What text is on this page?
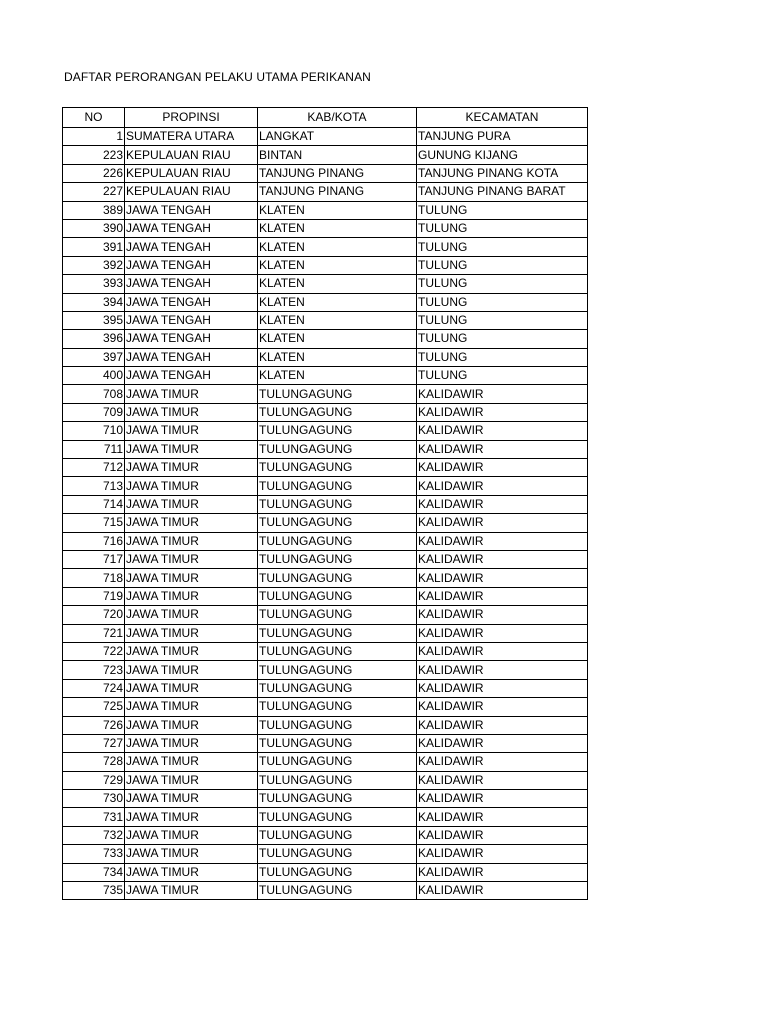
DAFTAR PERORANGAN PELAKU UTAMA PERIKANAN
NO	PROPINSI	KAB/KOTA	KECAMATAN
1	SUMATERA UTARA	LANGKAT	TANJUNG PURA
223	KEPULAUAN RIAU	BINTAN	GUNUNG KIJANG
226	KEPULAUAN RIAU	TANJUNG PINANG	TANJUNG PINANG KOTA
227	KEPULAUAN RIAU	TANJUNG PINANG	TANJUNG PINANG BARAT
389	JAWA TENGAH	KLATEN	TULUNG
390	JAWA TENGAH	KLATEN	TULUNG
391	JAWA TENGAH	KLATEN	TULUNG
392	JAWA TENGAH	KLATEN	TULUNG
393	JAWA TENGAH	KLATEN	TULUNG
394	JAWA TENGAH	KLATEN	TULUNG
395	JAWA TENGAH	KLATEN	TULUNG
396	JAWA TENGAH	KLATEN	TULUNG
397	JAWA TENGAH	KLATEN	TULUNG
400	JAWA TENGAH	KLATEN	TULUNG
708	JAWA TIMUR	TULUNGAGUNG	KALIDAWIR
709	JAWA TIMUR	TULUNGAGUNG	KALIDAWIR
710	JAWA TIMUR	TULUNGAGUNG	KALIDAWIR
711	JAWA TIMUR	TULUNGAGUNG	KALIDAWIR
712	JAWA TIMUR	TULUNGAGUNG	KALIDAWIR
713	JAWA TIMUR	TULUNGAGUNG	KALIDAWIR
714	JAWA TIMUR	TULUNGAGUNG	KALIDAWIR
715	JAWA TIMUR	TULUNGAGUNG	KALIDAWIR
716	JAWA TIMUR	TULUNGAGUNG	KALIDAWIR
717	JAWA TIMUR	TULUNGAGUNG	KALIDAWIR
718	JAWA TIMUR	TULUNGAGUNG	KALIDAWIR
719	JAWA TIMUR	TULUNGAGUNG	KALIDAWIR
720	JAWA TIMUR	TULUNGAGUNG	KALIDAWIR
721	JAWA TIMUR	TULUNGAGUNG	KALIDAWIR
722	JAWA TIMUR	TULUNGAGUNG	KALIDAWIR
723	JAWA TIMUR	TULUNGAGUNG	KALIDAWIR
724	JAWA TIMUR	TULUNGAGUNG	KALIDAWIR
725	JAWA TIMUR	TULUNGAGUNG	KALIDAWIR
726	JAWA TIMUR	TULUNGAGUNG	KALIDAWIR
727	JAWA TIMUR	TULUNGAGUNG	KALIDAWIR
728	JAWA TIMUR	TULUNGAGUNG	KALIDAWIR
729	JAWA TIMUR	TULUNGAGUNG	KALIDAWIR
730	JAWA TIMUR	TULUNGAGUNG	KALIDAWIR
731	JAWA TIMUR	TULUNGAGUNG	KALIDAWIR
732	JAWA TIMUR	TULUNGAGUNG	KALIDAWIR
733	JAWA TIMUR	TULUNGAGUNG	KALIDAWIR
734	JAWA TIMUR	TULUNGAGUNG	KALIDAWIR
735	JAWA TIMUR	TULUNGAGUNG	KALIDAWIR
